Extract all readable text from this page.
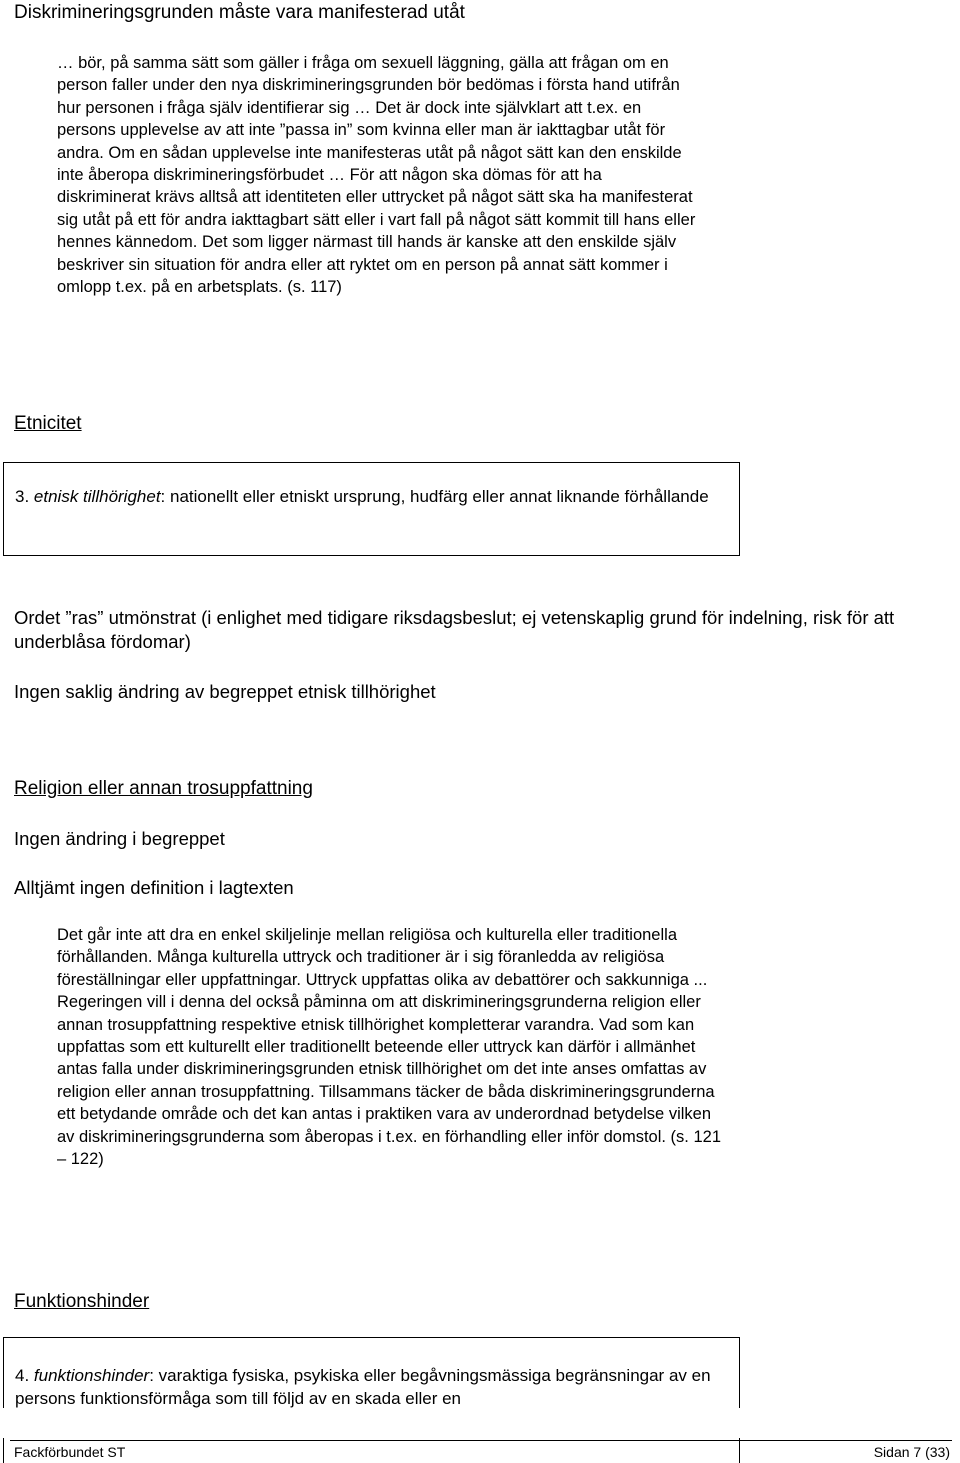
Diskrimineringsgrunden måste vara manifesterad utåt
… bör, på samma sätt som gäller i fråga om sexuell läggning, gälla att frågan om en person faller under den nya diskrimineringsgrunden bör bedömas i första hand utifrån hur personen i fråga själv identifierar sig … Det är dock inte självklart att t.ex. en persons upplevelse av att inte ”passa in” som kvinna eller man är iakttagbar utåt för andra. Om en sådan upplevelse inte manifesteras utåt på något sätt kan den enskilde inte åberopa diskrimineringsförbudet … För att någon ska dömas för att ha diskriminerat krävs alltså att identiteten eller uttrycket på något sätt ska ha manifesterat sig utåt på ett för andra iakttagbart sätt eller i vart fall på något sätt kommit till hans eller hennes kännedom. Det som ligger närmast till hands är kanske att den enskilde själv beskriver sin situation för andra eller att ryktet om en person på annat sätt kommer i omlopp t.ex. på en arbetsplats. (s. 117)
Etnicitet
3. etnisk tillhörighet: nationellt eller etniskt ursprung, hudfärg eller annat liknande förhållande
Ordet ”ras” utmönstrat (i enlighet med tidigare riksdagsbeslut; ej vetenskaplig grund för indelning, risk för att underblåsa fördomar)
Ingen saklig ändring av begreppet etnisk tillhörighet
Religion eller annan trosuppfattning
Ingen ändring i begreppet
Alltjämt ingen definition i lagtexten
Det går inte att dra en enkel skiljelinje mellan religiösa och kulturella eller traditionella förhållanden. Många kulturella uttryck och traditioner är i sig föranledda av religiösa föreställningar eller uppfattningar. Uttryck uppfattas olika av debattörer och sakkunniga ... Regeringen vill i denna del också påminna om att diskrimineringsgrunderna religion eller annan trosuppfattning respektive etnisk tillhörighet kompletterar varandra. Vad som kan uppfattas som ett kulturellt eller traditionellt beteende eller uttryck kan därför i allmänhet antas falla under diskrimineringsgrunden etnisk tillhörighet om det inte anses omfattas av religion eller annan trosuppfattning. Tillsammans täcker de båda diskrimineringsgrunderna ett betydande område och det kan antas i praktiken vara av underordnad betydelse vilken av diskrimineringsgrunderna som åberopas i t.ex. en förhandling eller inför domstol. (s. 121 – 122)
Funktionshinder
4. funktionshinder: varaktiga fysiska, psykiska eller begåvningsmässiga begränsningar av en persons funktionsförmåga som till följd av en skada eller en
Fackförbundet ST	Sidan 7 (33)
